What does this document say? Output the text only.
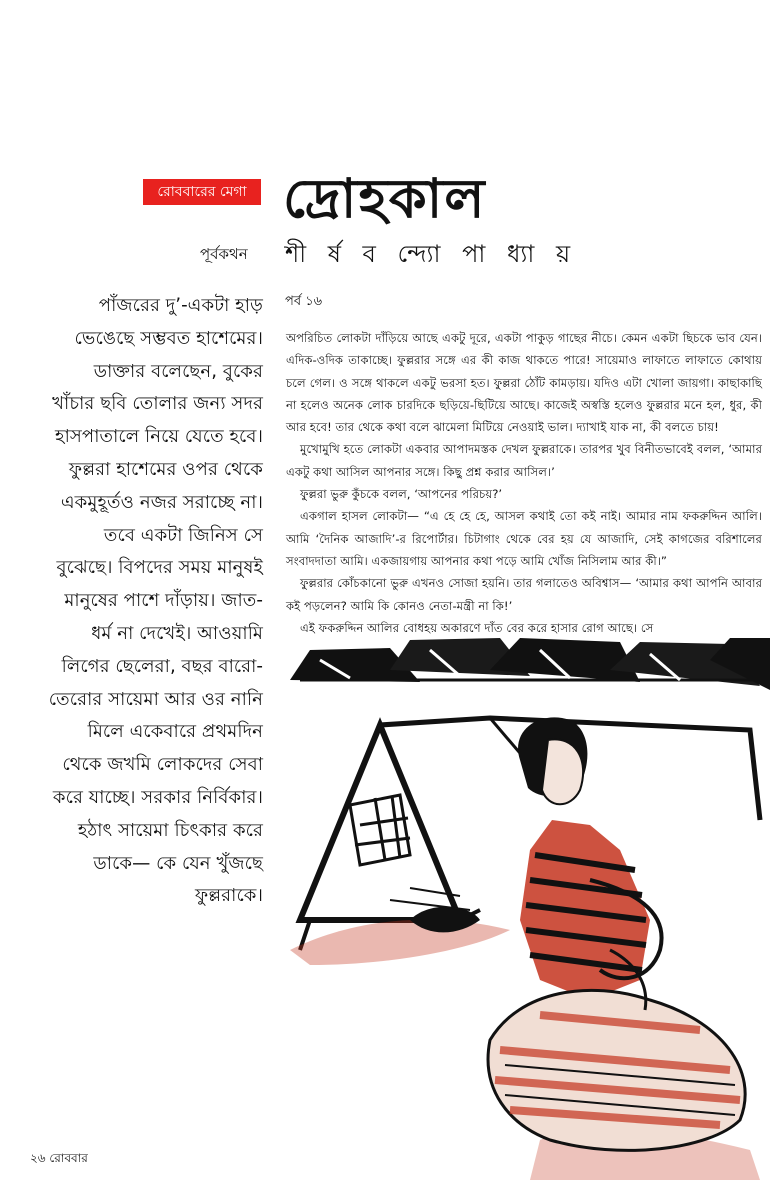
রোববারের মেগা দ্রোহকাল
পূর্বকথন শী র্ষ ব ন্দ্যো পা ধ্যা য়
পাঁজরের দু’-একটা হাড় ভেঙেছে সম্ভবত হাশেমের। ডাক্তার বলেছেন, বুকের খাঁচার ছবি তোলার জন্য সদর হাসপাতালে নিয়ে যেতে হবে। ফুল্লরা হাশেমের ওপর থেকে একমুহূর্তও নজর সরাচ্ছে না। তবে একটা জিনিস সে বুঝেছে। বিপদের সময় মানুষই মানুষের পাশে দাঁড়ায়। জাত-ধর্ম না দেখেই। আওয়ামি লিগের ছেলেরা, বছর বারো-তেরোর সায়েমা আর ওর নানি মিলে একেবারে প্রথমদিন থেকে জখমি লোকদের সেবা করে যাচ্ছে। সরকার নির্বিকার। হঠাৎ সায়েমা চিৎকার করে ডাকে— কে যেন খুঁজছে ফুল্লরাকে।
পর্ব ১৬

অপরিচিত লোকটা দাঁড়িয়ে আছে একটু দূরে, একটা পাকুড় গাছের নীচে। কেমন একটা ছিচকে ভাব যেন। এদিক-ওদিক তাকাচ্ছে। ফুল্লরার সঙ্গে এর কী কাজ থাকতে পারে! সায়েমাও লাফাতে লাফাতে কোথায় চলে গেল। ও সঙ্গে থাকলে একটু ভরসা হত। ফুল্লরা ঠোঁট কামড়ায়। যদিও এটা খোলা জায়গা। কাছাকাছি না হলেও অনেক লোক চারদিকে ছড়িয়ে-ছিটিয়ে আছে। কাজেই অস্বস্তি হলেও ফুল্লরার মনে হল, ধুর, কী আর হবে! তার থেকে কথা বলে ঝামেলা মিটিয়ে নেওয়াই ভাল। দ্যাখাই যাক না, কী বলতে চায়!

মুখোমুখি হতে লোকটা একবার আপাদমস্তক দেখল ফুল্লরাকে। তারপর খুব বিনীতভাবেই বলল, ‘আমার একটু কথা আসিল আপনার সঙ্গে। কিছু প্রশ্ন করার আসিল।’

ফুল্লরা ভুরু কুঁচকে বলল, ‘আপনের পরিচয়?’

একগাল হাসল লোকটা— “এ হে হে হে, আসল কথাই তো কই নাই। আমার নাম ফকরুদ্দিন আলি। আমি ‘দৈনিক আজাদি’-র রিপোর্টার। চিটাগাং থেকে বের হয় যে আজাদি, সেই কাগজের বরিশালের সংবাদদাতা আমি। একজায়গায় আপনার কথা পড়ে আমি খোঁজ নিসিলাম আর কী।”

ফুল্লরার কোঁচকানো ভুরু এখনও সোজা হয়নি। তার গলাতেও অবিশ্বাস— ‘আমার কথা আপনি আবার কই পড়লেন? আমি কি কোনও নেতা-মন্ত্রী না কি!’

এই ফকরুদ্দিন আলির বোধহয় অকারণে দাঁত বের করে হাসার রোগ আছে। সে

২৬ রোববার
